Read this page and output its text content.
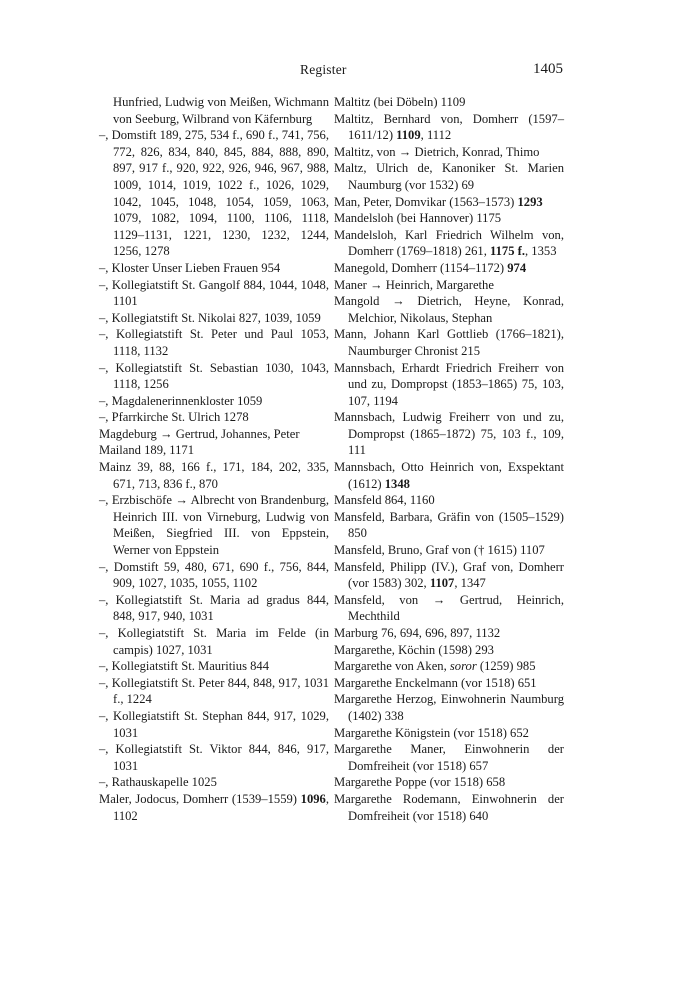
Register	1405
Hunfried, Ludwig von Meißen, Wichmann von Seeburg, Wilbrand von Käfernburg
–, Domstift 189, 275, 534 f., 690 f., 741, 756, 772, 826, 834, 840, 845, 884, 888, 890, 897, 917 f., 920, 922, 926, 946, 967, 988, 1009, 1014, 1019, 1022 f., 1026, 1029, 1042, 1045, 1048, 1054, 1059, 1063, 1079, 1082, 1094, 1100, 1106, 1118, 1129–1131, 1221, 1230, 1232, 1244, 1256, 1278
–, Kloster Unser Lieben Frauen 954
–, Kollegiatstift St. Gangolf 884, 1044, 1048, 1101
–, Kollegiatstift St. Nikolai 827, 1039, 1059
–, Kollegiatstift St. Peter und Paul 1053, 1118, 1132
–, Kollegiatstift St. Sebastian 1030, 1043, 1118, 1256
–, Magdalenerinnenkloster 1059
–, Pfarrkirche St. Ulrich 1278
Magdeburg → Gertrud, Johannes, Peter
Mailand 189, 1171
Mainz 39, 88, 166 f., 171, 184, 202, 335, 671, 713, 836 f., 870
–, Erzbischöfe → Albrecht von Brandenburg, Heinrich III. von Virneburg, Ludwig von Meißen, Siegfried III. von Eppstein, Werner von Eppstein
–, Domstift 59, 480, 671, 690 f., 756, 844, 909, 1027, 1035, 1055, 1102
–, Kollegiatstift St. Maria ad gradus 844, 848, 917, 940, 1031
–, Kollegiatstift St. Maria im Felde (in campis) 1027, 1031
–, Kollegiatstift St. Mauritius 844
–, Kollegiatstift St. Peter 844, 848, 917, 1031 f., 1224
–, Kollegiatstift St. Stephan 844, 917, 1029, 1031
–, Kollegiatstift St. Viktor 844, 846, 917, 1031
–, Rathauskapelle 1025
Maler, Jodocus, Domherr (1539–1559) 1096, 1102
Maltitz (bei Döbeln) 1109
Maltitz, Bernhard von, Domherr (1597–1611/12) 1109, 1112
Maltitz, von → Dietrich, Konrad, Thimo
Maltz, Ulrich de, Kanoniker St. Marien Naumburg (vor 1532) 69
Man, Peter, Domvikar (1563–1573) 1293
Mandelsloh (bei Hannover) 1175
Mandelsloh, Karl Friedrich Wilhelm von, Domherr (1769–1818) 261, 1175 f., 1353
Manegold, Domherr (1154–1172) 974
Maner → Heinrich, Margarethe
Mangold → Dietrich, Heyne, Konrad, Melchior, Nikolaus, Stephan
Mann, Johann Karl Gottlieb (1766–1821), Naumburger Chronist 215
Mannsbach, Erhardt Friedrich Freiherr von und zu, Dompropst (1853–1865) 75, 103, 107, 1194
Mannsbach, Ludwig Freiherr von und zu, Dompropst (1865–1872) 75, 103 f., 109, 111
Mannsbach, Otto Heinrich von, Exspektant (1612) 1348
Mansfeld 864, 1160
Mansfeld, Barbara, Gräfin von (1505–1529) 850
Mansfeld, Bruno, Graf von († 1615) 1107
Mansfeld, Philipp (IV.), Graf von, Domherr (vor 1583) 302, 1107, 1347
Mansfeld, von → Gertrud, Heinrich, Mechthild
Marburg 76, 694, 696, 897, 1132
Margarethe, Köchin (1598) 293
Margarethe von Aken, soror (1259) 985
Margarethe Enckelmann (vor 1518) 651
Margarethe Herzog, Einwohnerin Naumburg (1402) 338
Margarethe Königstein (vor 1518) 652
Margarethe Maner, Einwohnerin der Domfreiheit (vor 1518) 657
Margarethe Poppe (vor 1518) 658
Margarethe Rodemann, Einwohnerin der Domfreiheit (vor 1518) 640
